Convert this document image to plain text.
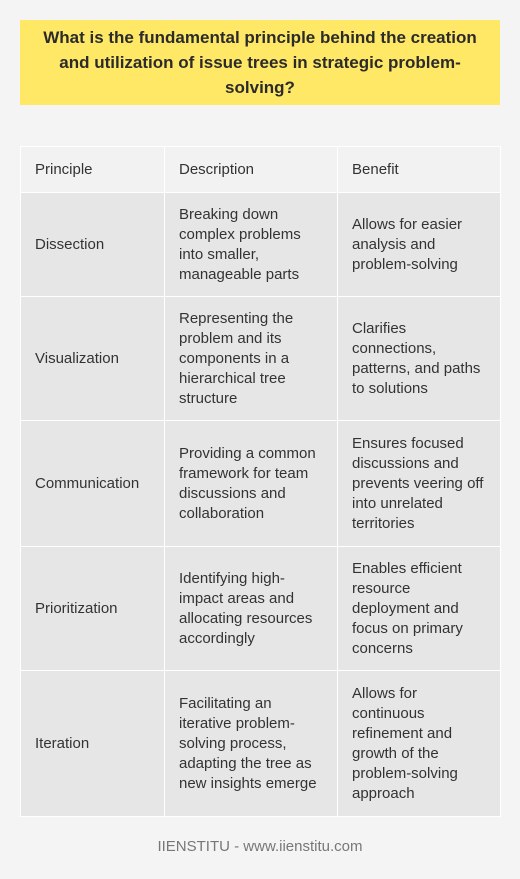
What is the fundamental principle behind the creation and utilization of issue trees in strategic problem-solving?
Principle	Description	Benefit
Dissection	Breaking down complex problems into smaller, manageable parts	Allows for easier analysis and problem-solving
Visualization	Representing the problem and its components in a hierarchical tree structure	Clarifies connections, patterns, and paths to solutions
Communication	Providing a common framework for team discussions and collaboration	Ensures focused discussions and prevents veering off into unrelated territories
Prioritization	Identifying high-impact areas and allocating resources accordingly	Enables efficient resource deployment and focus on primary concerns
Iteration	Facilitating an iterative problem-solving process, adapting the tree as new insights emerge	Allows for continuous refinement and growth of the problem-solving approach
IIENSTITU - www.iienstitu.com
